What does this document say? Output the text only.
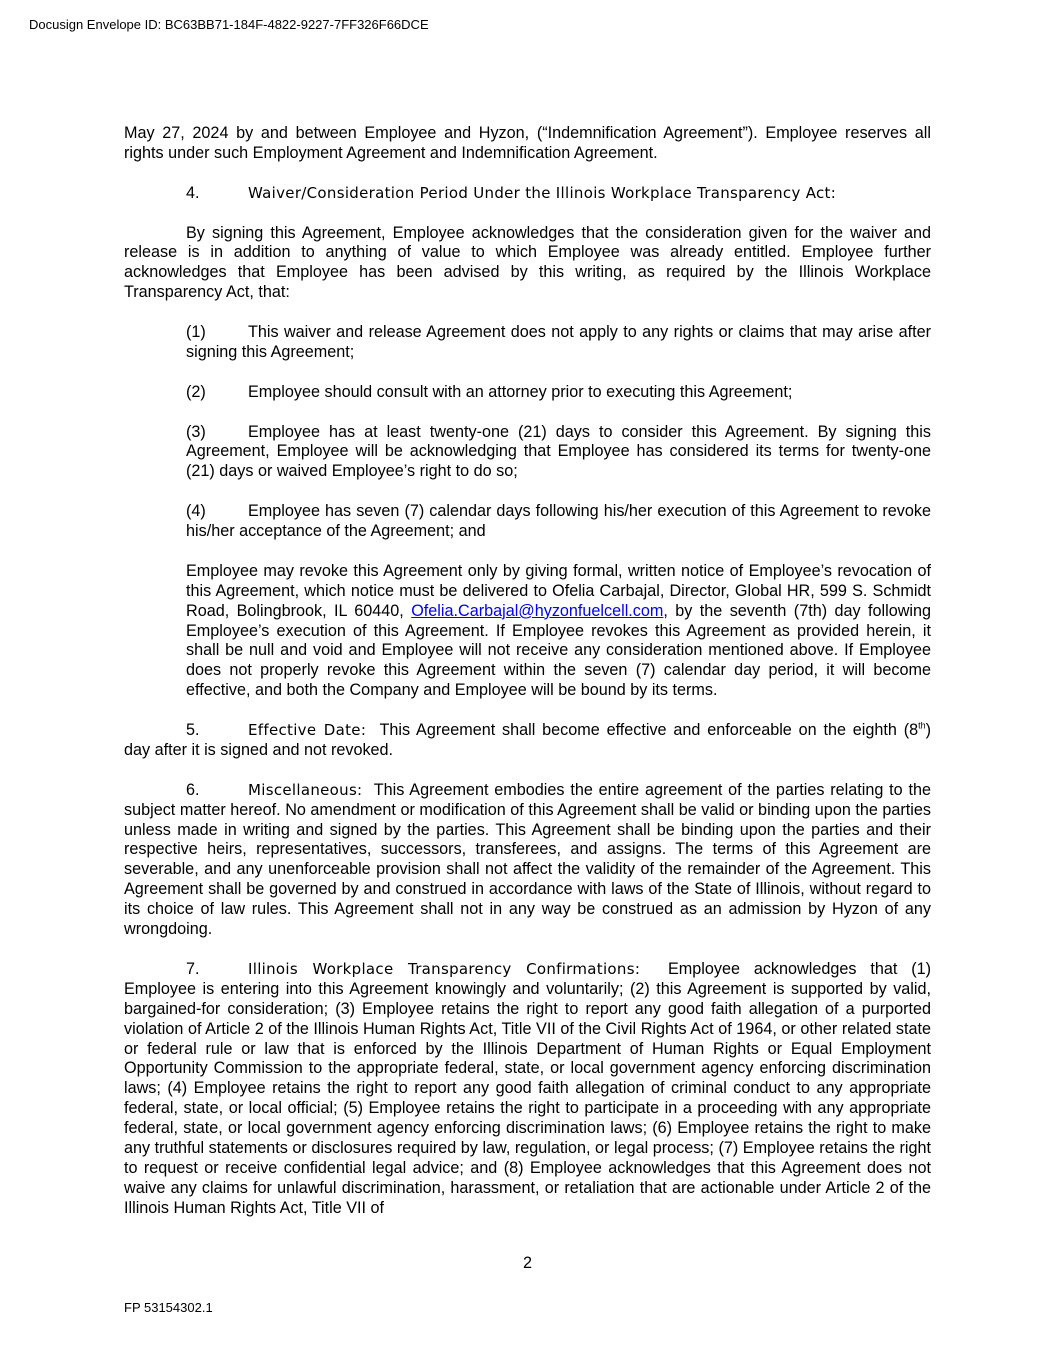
Docusign Envelope ID: BC63BB71-184F-4822-9227-7FF326F66DCE

May 27, 2024 by and between Employee and Hyzon, (“Indemnification Agreement”). Employee reserves all rights under such Employment Agreement and Indemnification Agreement.

4.	Waiver/Consideration Period Under the Illinois Workplace Transparency Act:

By signing this Agreement, Employee acknowledges that the consideration given for the waiver and release is in addition to anything of value to which Employee was already entitled. Employee further acknowledges that Employee has been advised by this writing, as required by the Illinois Workplace Transparency Act, that:

(1)	This waiver and release Agreement does not apply to any rights or claims that may arise after signing this Agreement;

(2)	Employee should consult with an attorney prior to executing this Agreement;

(3)	Employee has at least twenty-one (21) days to consider this Agreement. By signing this Agreement, Employee will be acknowledging that Employee has considered its terms for twenty-one (21) days or waived Employee’s right to do so;

(4)	Employee has seven (7) calendar days following his/her execution of this Agreement to revoke his/her acceptance of the Agreement; and

Employee may revoke this Agreement only by giving formal, written notice of Employee’s revocation of this Agreement, which notice must be delivered to Ofelia Carbajal, Director, Global HR, 599 S. Schmidt Road, Bolingbrook, IL 60440, Ofelia.Carbajal@hyzonfuelcell.com, by the seventh (7th) day following Employee’s execution of this Agreement. If Employee revokes this Agreement as provided herein, it shall be null and void and Employee will not receive any consideration mentioned above. If Employee does not properly revoke this Agreement within the seven (7) calendar day period, it will become effective, and both the Company and Employee will be bound by its terms.

5.	Effective Date: This Agreement shall become effective and enforceable on the eighth (8th) day after it is signed and not revoked.

6.	Miscellaneous: This Agreement embodies the entire agreement of the parties relating to the subject matter hereof. No amendment or modification of this Agreement shall be valid or binding upon the parties unless made in writing and signed by the parties. This Agreement shall be binding upon the parties and their respective heirs, representatives, successors, transferees, and assigns. The terms of this Agreement are severable, and any unenforceable provision shall not affect the validity of the remainder of the Agreement. This Agreement shall be governed by and construed in accordance with laws of the State of Illinois, without regard to its choice of law rules. This Agreement shall not in any way be construed as an admission by Hyzon of any wrongdoing.

7.	Illinois Workplace Transparency Confirmations: Employee acknowledges that (1) Employee is entering into this Agreement knowingly and voluntarily; (2) this Agreement is supported by valid, bargained-for consideration; (3) Employee retains the right to report any good faith allegation of a purported violation of Article 2 of the Illinois Human Rights Act, Title VII of the Civil Rights Act of 1964, or other related state or federal rule or law that is enforced by the Illinois Department of Human Rights or Equal Employment Opportunity Commission to the appropriate federal, state, or local government agency enforcing discrimination laws; (4) Employee retains the right to report any good faith allegation of criminal conduct to any appropriate federal, state, or local official; (5) Employee retains the right to participate in a proceeding with any appropriate federal, state, or local government agency enforcing discrimination laws; (6) Employee retains the right to make any truthful statements or disclosures required by law, regulation, or legal process; (7) Employee retains the right to request or receive confidential legal advice; and (8) Employee acknowledges that this Agreement does not waive any claims for unlawful discrimination, harassment, or retaliation that are actionable under Article 2 of the Illinois Human Rights Act, Title VII of

2
FP 53154302.1
